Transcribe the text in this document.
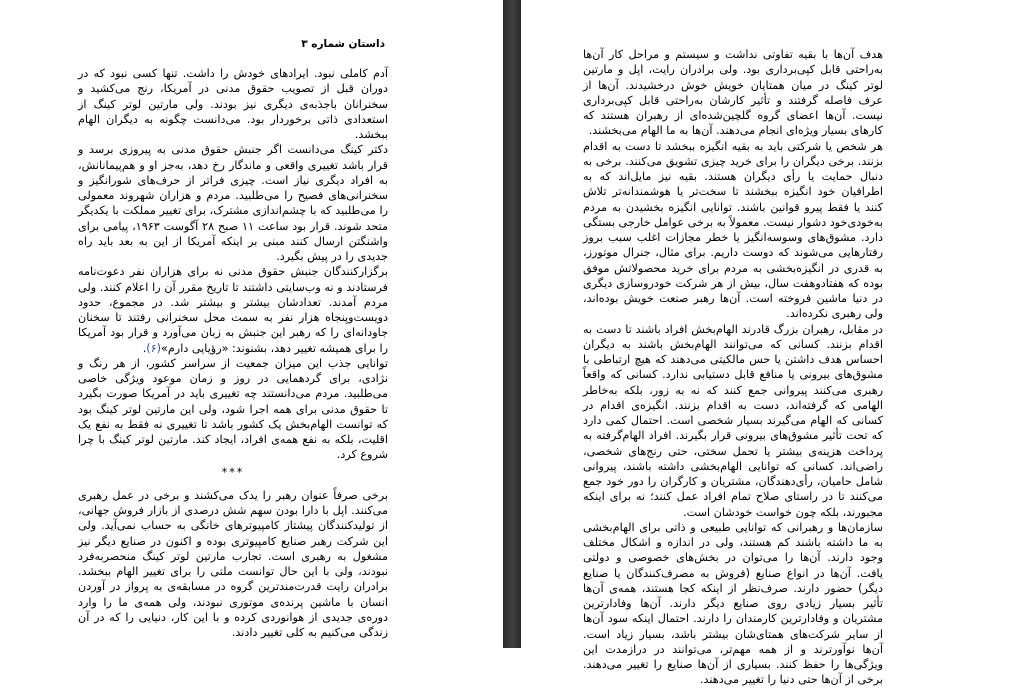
داستان شماره ۳

آدم کاملی نبود. ایرادهای خودش را داشت. تنها کسی نبود که در دوران قبل از تصویب حقوق مدنی در آمریکا، رنج می‌کشید و سخنرانان باجذبه‌ی دیگری نیز بودند. ولی مارتین لوتر کینگ از استعدادی ذاتی برخوردار بود. می‌دانست چگونه به دیگران الهام ببخشد.

دکتر کینگ می‌دانست اگر جنبش حقوق مدنی به پیروزی برسد و قرار باشد تغییری واقعی و ماندگار رخ دهد، به‌جز او و هم‌پیمانانش، به افراد دیگری نیاز است. چیزی فراتر از حرف‌های شورانگیز و سخنرانی‌های فصیح را می‌طلبید. مردم و هزاران شهروند معمولی را می‌طلبید که با چشم‌اندازی مشترک، برای تغییر مملکت با یکدیگر متحد شوند. قرار بود ساعت ۱۱ صبح ۲۸ آگوست ۱۹۶۳، پیامی برای واشنگتن ارسال کنند مبنی بر اینکه آمریکا از این به بعد باید راه جدیدی را در پیش بگیرد.

برگزارکنندگان جنبش حقوق مدنی نه برای هزاران نفر دعوت‌نامه فرستادند و نه وب‌سایتی داشتند تا تاریخ مقرر آن را اعلام کنند. ولی مردم آمدند. تعدادشان بیشتر و بیشتر شد. در مجموع، حدود دویست‌وپنجاه هزار نفر به سمت محل سخنرانی رفتند تا سخنان جاودانه‌ای را که رهبر این جنبش به زبان می‌آورد و قرار بود آمریکا را برای همیشه تغییر دهد، بشنوند: «رؤیایی دارم»(۶).

توانایی جذب این میزان جمعیت از سراسر کشور، از هر رنگ و نژادی، برای گردهمایی در روز و زمان موعود ویژگی خاصی می‌طلبید. مردم می‌دانستند چه تغییری باید در آمریکا صورت بگیرد تا حقوق مدنی برای همه اجرا شود، ولی این مارتین لوتر کینگ بود که توانست الهام‌بخش یک کشور باشد تا تغییری نه فقط به نفع یک اقلیت، بلکه به نفع همه‌ی افراد، ایجاد کند. مارتین لوتر کینگ با چرا شروع کرد.

***

برخی صرفاً عنوان رهبر را یدک می‌کشند و برخی در عمل رهبری می‌کنند. اپل با دارا بودن سهم شش درصدی از بازار فروش جهانی، از تولیدکنندگان پیشتاز کامپیوترهای خانگی به حساب نمی‌آید. ولی این شرکت رهبر صنایع کامپیوتری بوده و اکنون در صنایع دیگر نیز مشغول به رهبری است. تجارب مارتین لوتر کینگ منحصربه‌فرد نبودند، ولی با این حال توانست ملتی را برای تغییر الهام ببخشد. برادران رایت قدرت‌مندترین گروه در مسابقه‌ی به پرواز در آوردن انسان با ماشین پرنده‌ی موتوری نبودند، ولی همه‌ی ما را وارد دوره‌ی جدیدی از هوانوردی کرده و با این کار، دنیایی را که در آن زندگی می‌کنیم به کلی تغییر دادند.

هدف آن‌ها با بقیه تفاوتی نداشت و سیستم و مراحل کار آن‌ها به‌راحتی قابل کپی‌برداری بود. ولی برادران رایت، اپل و مارتین لوتر کینگ در میان همتایان خویش خوش درخشیدند. آن‌ها از عرف فاصله گرفتند و تأثیر کارشان به‌راحتی قابل کپی‌برداری نیست. آن‌ها اعضای گروه گلچین‌شده‌ای از رهبران هستند که کارهای بسیار ویژه‌ای انجام می‌دهند. آن‌ها به ما الهام می‌بخشند.

هر شخص یا شرکتی باید به بقیه انگیزه ببخشد تا دست به اقدام بزنند. برخی دیگران را برای خرید چیزی تشویق می‌کنند. برخی به دنبال حمایت یا رأی دیگران هستند. بقیه نیز مایل‌اند که به اطرافیان خود انگیزه ببخشند تا سخت‌تر یا هوشمندانه‌تر تلاش کنند یا فقط پیرو قوانین باشند. توانایی انگیزه بخشیدن به مردم به‌خودی‌خود دشوار نیست. معمولاً به برخی عوامل خارجی بستگی دارد. مشوق‌های وسوسه‌انگیز یا خطر مجازات اغلب سبب بروز رفتارهایی می‌شوند که دوست داریم. برای مثال، جنرال موتورز، به قدری در انگیزه‌بخشی به مردم برای خرید محصولاتش موفق بوده که هفتادوهفت سال، بیش از هر شرکت خودروسازی دیگری در دنیا ماشین فروخته است. آن‌ها رهبر صنعت خویش بوده‌اند، ولی رهبری نکرده‌اند.

در مقابل، رهبران بزرگ قادرند الهام‌بخش افراد باشند تا دست به اقدام بزنند. کسانی که می‌توانند الهام‌بخش باشند به دیگران احساس هدف داشتن یا حس مالکیتی می‌دهند که هیچ ارتباطی با مشوق‌های بیرونی یا منافع قابل دستیابی ندارد. کسانی که واقعاً رهبری می‌کنند پیروانی جمع کنند که نه به زور، بلکه به‌خاطر الهامی که گرفته‌اند، دست به اقدام بزنند. انگیزه‌ی اقدام در کسانی که الهام می‌گیرند بسیار شخصی است. احتمال کمی دارد که تحت تأثیر مشوق‌های بیرونی قرار بگیرند. افراد الهام‌گرفته به پرداخت هزینه‌ی بیشتر یا تحمل سختی، حتی رنج‌های شخصی، راضی‌اند. کسانی که توانایی الهام‌بخشی داشته باشند، پیروانی شامل حامیان، رأی‌دهندگان، مشتریان و کارگران را دور خود جمع می‌کنند تا در راستای صلاح تمام افراد عمل کنند؛ نه برای اینکه مجبورند، بلکه چون خواست خودشان است.

سازمان‌ها و رهبرانی که توانایی طبیعی و ذاتی برای الهام‌بخشی به ما داشته باشند کم هستند، ولی در اندازه و اشکال مختلف وجود دارند. آن‌ها را می‌توان در بخش‌های خصوصی و دولتی یافت. آن‌ها در انواع صنایع (فروش به مصرف‌کنندگان یا صنایع دیگر) حضور دارند. صرف‌نظر از اینکه کجا هستند، همه‌ی آن‌ها تأثیر بسیار زیادی روی صنایع دیگر دارند. آن‌ها وفادارترین مشتریان و وفادارترین کارمندان را دارند. احتمال اینکه سود آن‌ها از سایر شرکت‌های همتای‌شان بیشتر باشد، بسیار زیاد است. آن‌ها نوآورترند و از همه مهم‌تر، می‌توانند در درازمدت این ویژگی‌ها را حفظ کنند. بسیاری از آن‌ها صنایع را تغییر می‌دهند. برخی از آن‌ها حتی دنیا را تغییر می‌دهند.
